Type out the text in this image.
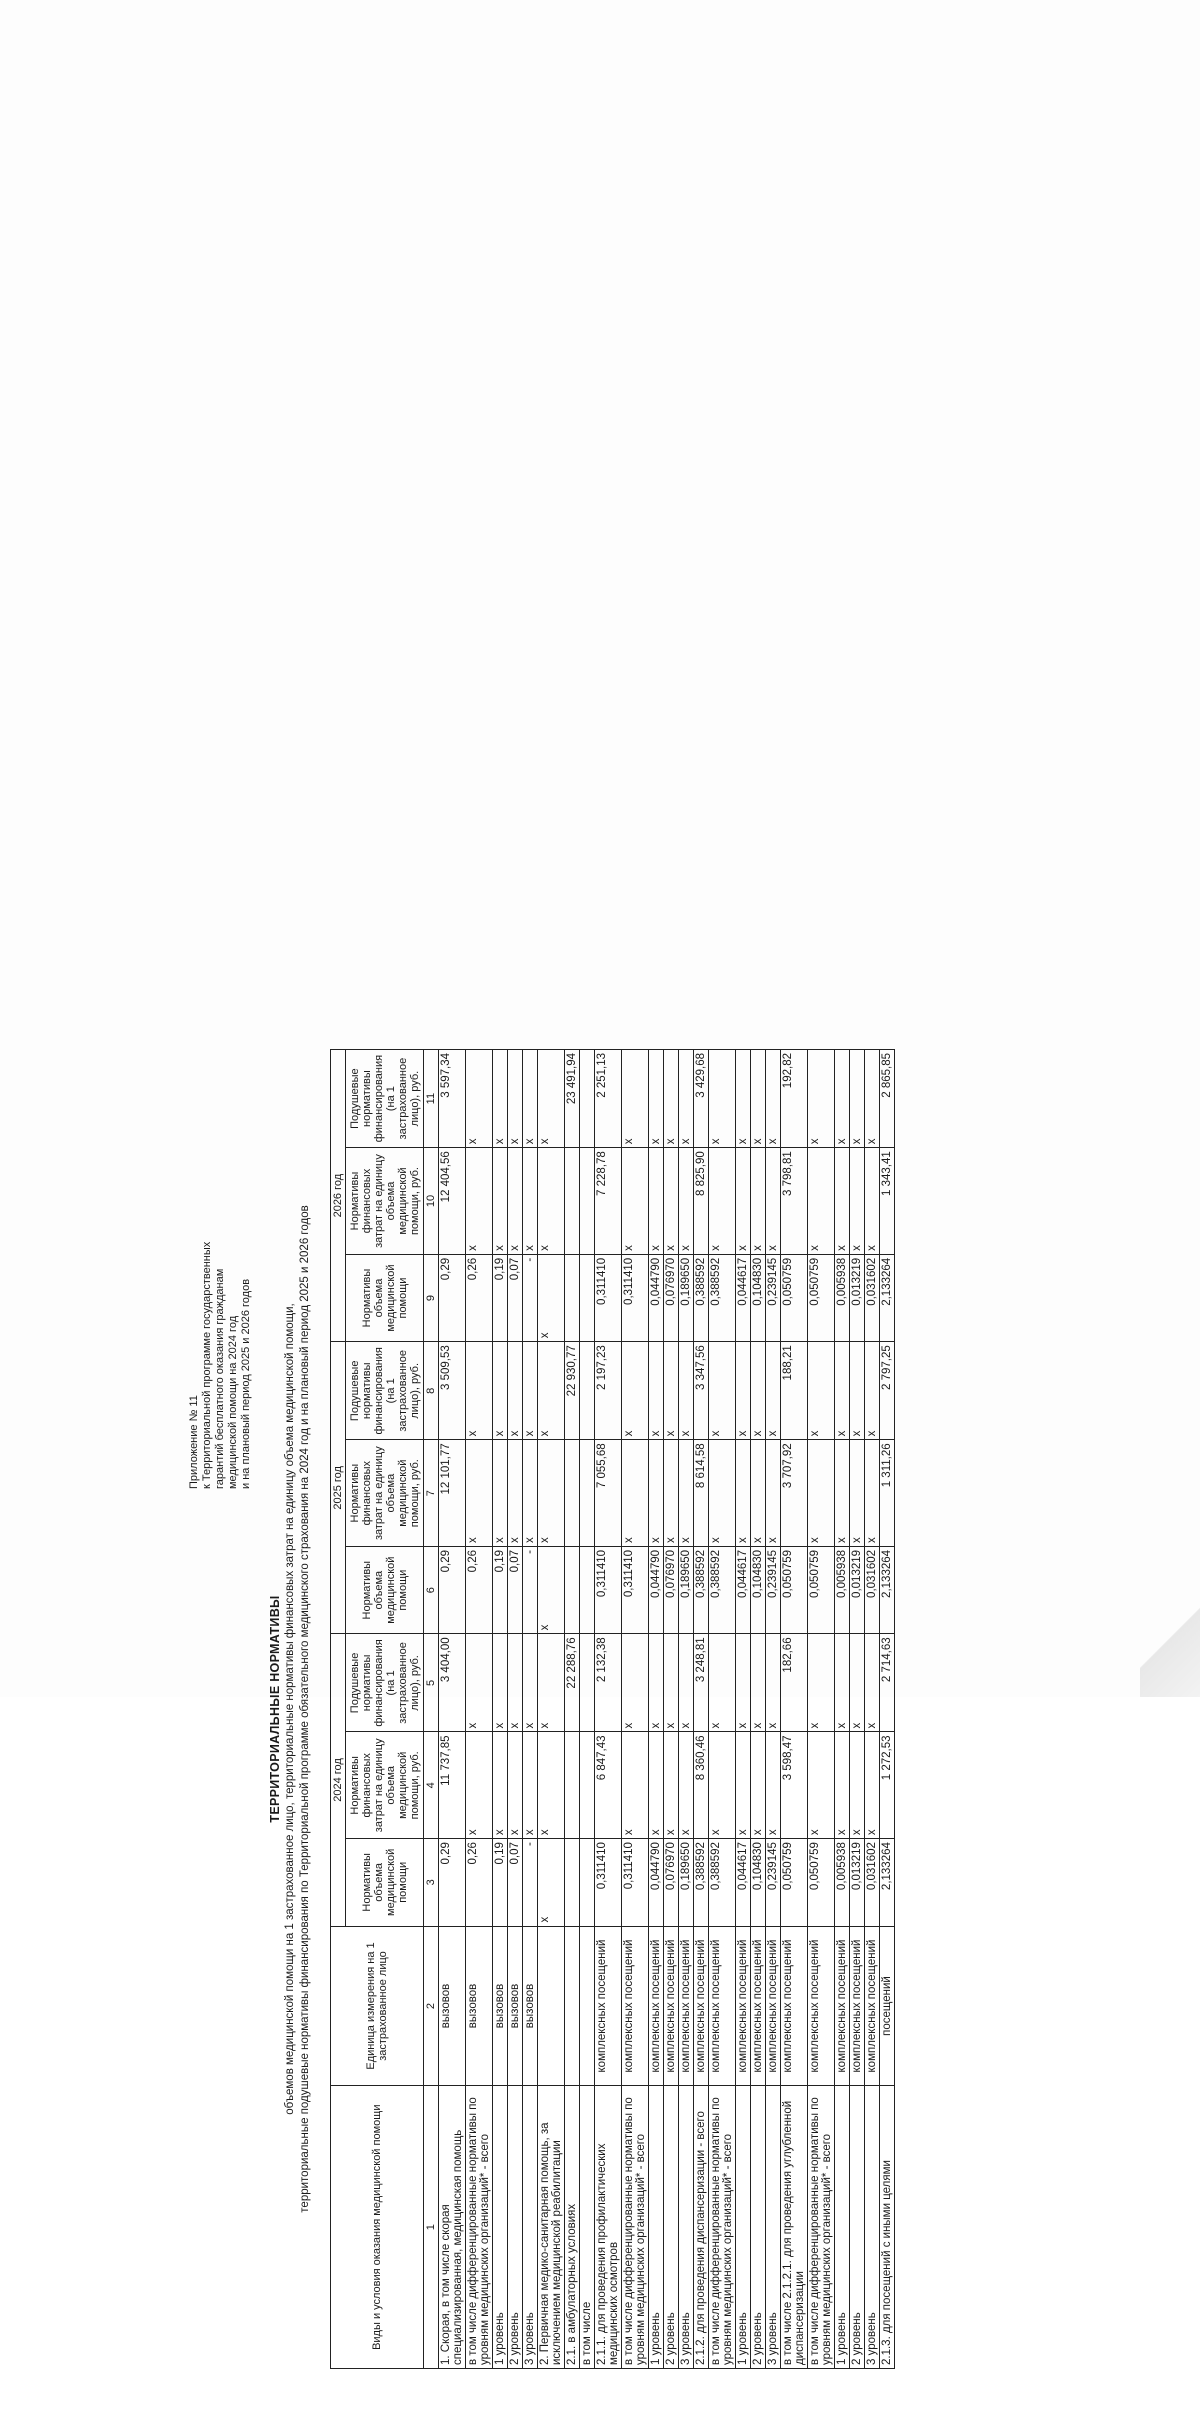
Приложение № 11 к Территориальной программе государственных гарантий бесплатного оказания гражданам медицинской помощи на 2024 год и на плановый период 2025 и 2026 годов
ТЕРРИТОРИАЛЬНЫЕ НОРМАТИВЫ объемов медицинской помощи на 1 застрахованное лицо, территориальные нормативы финансовых затрат на единицу объема медицинской помощи, территориальные подушевые нормативы финансирования по Территориальной программе обязательного медицинского страхования на 2024 год и на плановый период 2025 и 2026 годов
Виды и условия оказания медицинской помощи	Единица измерения на 1 застрахованное лицо	2024 год			2025 год			2026 год		
		Нормативы объема медицинской помощи	Нормативы финансовых затрат на единицу объема медицинской помощи, руб.	Подушевые нормативы финансирования (на 1 застрахованное лицо), руб.	Нормативы объема медицинской помощи	Нормативы финансовых затрат на единицу объема медицинской помощи, руб.	Подушевые нормативы финансирования (на 1 застрахованное лицо), руб.	Нормативы объема медицинской помощи	Нормативы финансовых затрат на единицу объема медицинской помощи, руб.	Подушевые нормативы финансирования (на 1 застрахованное лицо), руб.
1	2	3	4	5	6	7	8	9	10	11
1. Скорая, в том числе скорая специализированная, медицинская помощь	вызовов	0,29	11 737,85	3 404,00	0,29	12 101,77	3 509,53	0,29	12 404,56	3 597,34
в том числе дифференцированные нормативы по уровням медицинских организаций* - всего	вызовов	0,26	х	х	0,26	х	х	0,26	х	х
1 уровень	вызовов	0,19	х	х	0,19	х	х	0,19	х	х
2 уровень	вызовов	0,07	х	х	0,07	х	х	0,07	х	х
3 уровень	вызовов	-	х	х	-	х	х	-	х	х
2. Первичная медико-санитарная помощь, за исключением медицинской реабилитации		х	х	х	х	х	х	х	х	х
2.1. в амбулаторных условиях				22 288,76			22 930,77			23 491,94
в том числе										
2.1.1. для проведения профилактических медицинских осмотров	комплексных посещений	0,311410	6 847,43	2 132,38	0,311410	7 055,68	2 197,23	0,311410	7 228,78	2 251,13
в том числе дифференцированные нормативы по уровням медицинских организаций* - всего	комплексных посещений	0,311410	х	х	0,311410	х	х	0,311410	х	х
1 уровень	комплексных посещений	0,044790	х	х	0,044790	х	х	0,044790	х	х
2 уровень	комплексных посещений	0,076970	х	х	0,076970	х	х	0,076970	х	х
3 уровень	комплексных посещений	0,189650	х	х	0,189650	х	х	0,189650	х	х
2.1.2. для проведения диспансеризации - всего	комплексных посещений	0,388592	8 360,46	3 248,81	0,388592	8 614,58	3 347,56	0,388592	8 825,90	3 429,68
в том числе дифференцированные нормативы по уровням медицинских организаций* - всего	комплексных посещений	0,388592	х	х	0,388592	х	х	0,388592	х	х
1 уровень	комплексных посещений	0,044617	х	х	0,044617	х	х	0,044617	х	х
2 уровень	комплексных посещений	0,104830	х	х	0,104830	х	х	0,104830	х	х
3 уровень	комплексных посещений	0,239145	х	х	0,239145	х	х	0,239145	х	х
в том числе 2.1.2.1. для проведения углубленной диспансеризации	комплексных посещений	0,050759	3 598,47	182,66	0,050759	3 707,92	188,21	0,050759	3 798,81	192,82
в том числе дифференцированные нормативы по уровням медицинских организаций* - всего	комплексных посещений	0,050759	х	х	0,050759	х	х	0,050759	х	х
1 уровень	комплексных посещений	0,005938	х	х	0,005938	х	х	0,005938	х	х
2 уровень	комплексных посещений	0,013219	х	х	0,013219	х	х	0,013219	х	х
3 уровень	комплексных посещений	0,031602	х	х	0,031602	х	х	0,031602	х	х
2.1.3. для посещений с иными целями	посещений	2,133264	1 272,53	2 714,63	2,133264	1 311,26	2 797,25	2,133264	1 343,41	2 865,85
